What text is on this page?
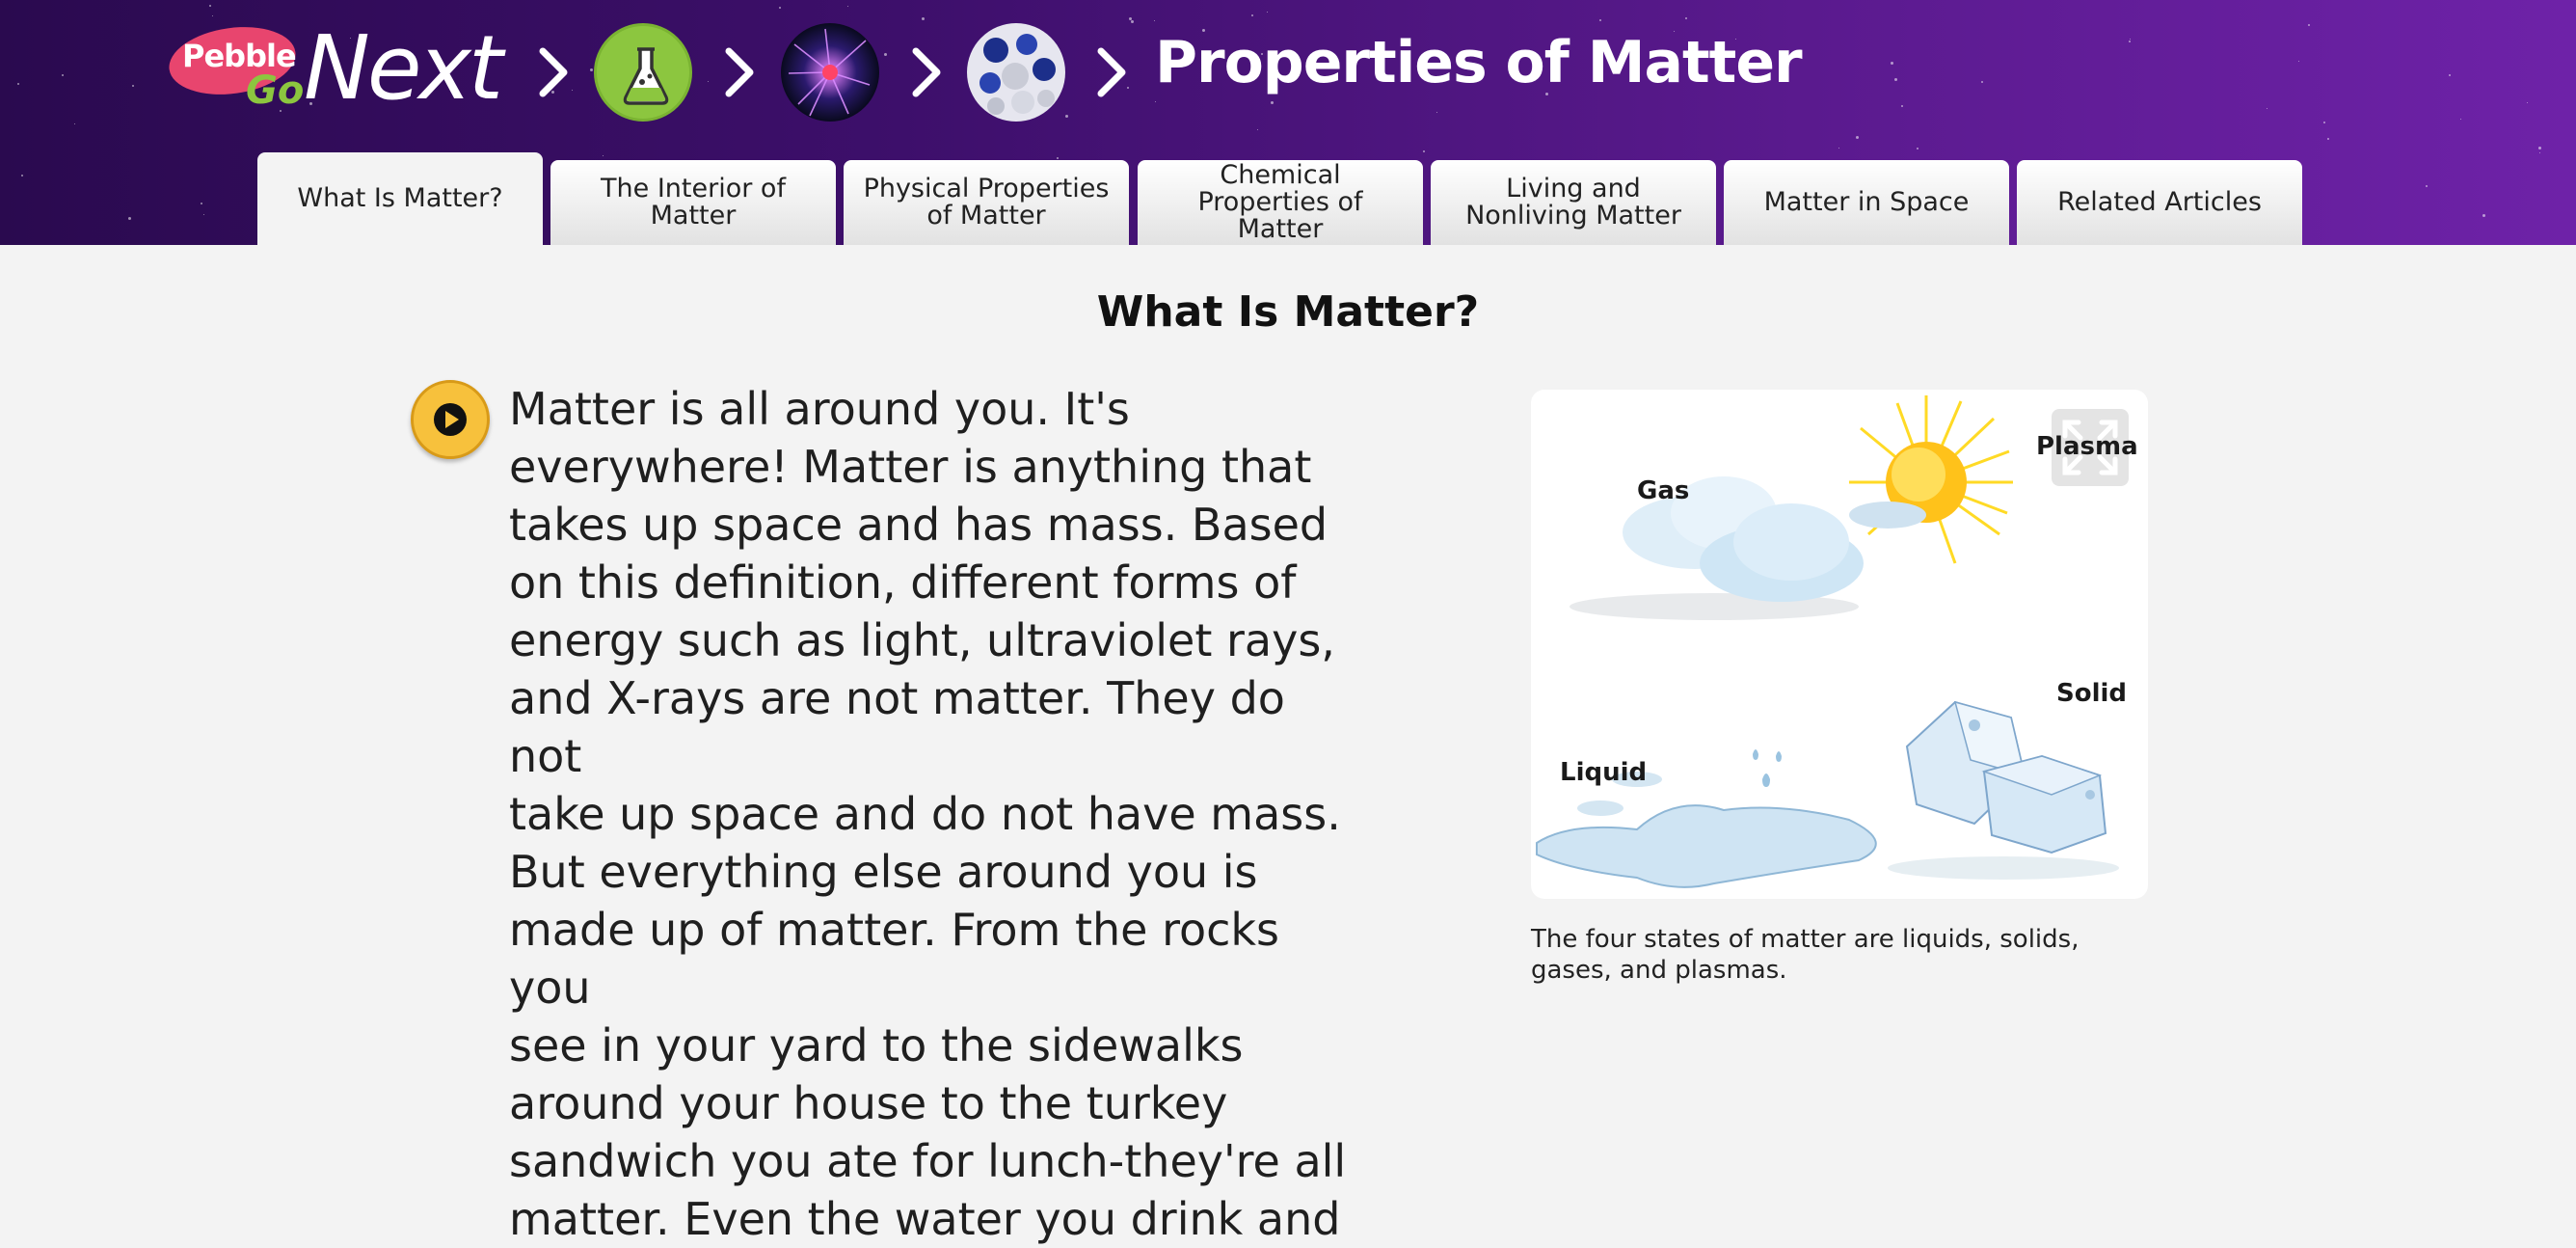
Pebble
Go Next	Properties of Matter
What Is Matter?	The Interior of Matter
Physical Properties of Matter
Chemical Properties of Matter
Living and Nonliving Matter	Matter in Space	Related Articles
What Is Matter?
Matter is all around you. It's
everywhere! Matter is anything that
takes up space and has mass. Based
on this definition, different forms of
energy such as light, ultraviolet rays,
and X-rays are not matter. They do not
take up space and do not have mass.
But everything else around you is
made up of matter. From the rocks you
see in your yard to the sidewalks
around your house to the turkey
sandwich you ate for lunch-they're all
matter. Even the water you drink and
Gas
Plasma
Liquid
Solid
The four states of matter are liquids, solids, gases, and plasmas.
